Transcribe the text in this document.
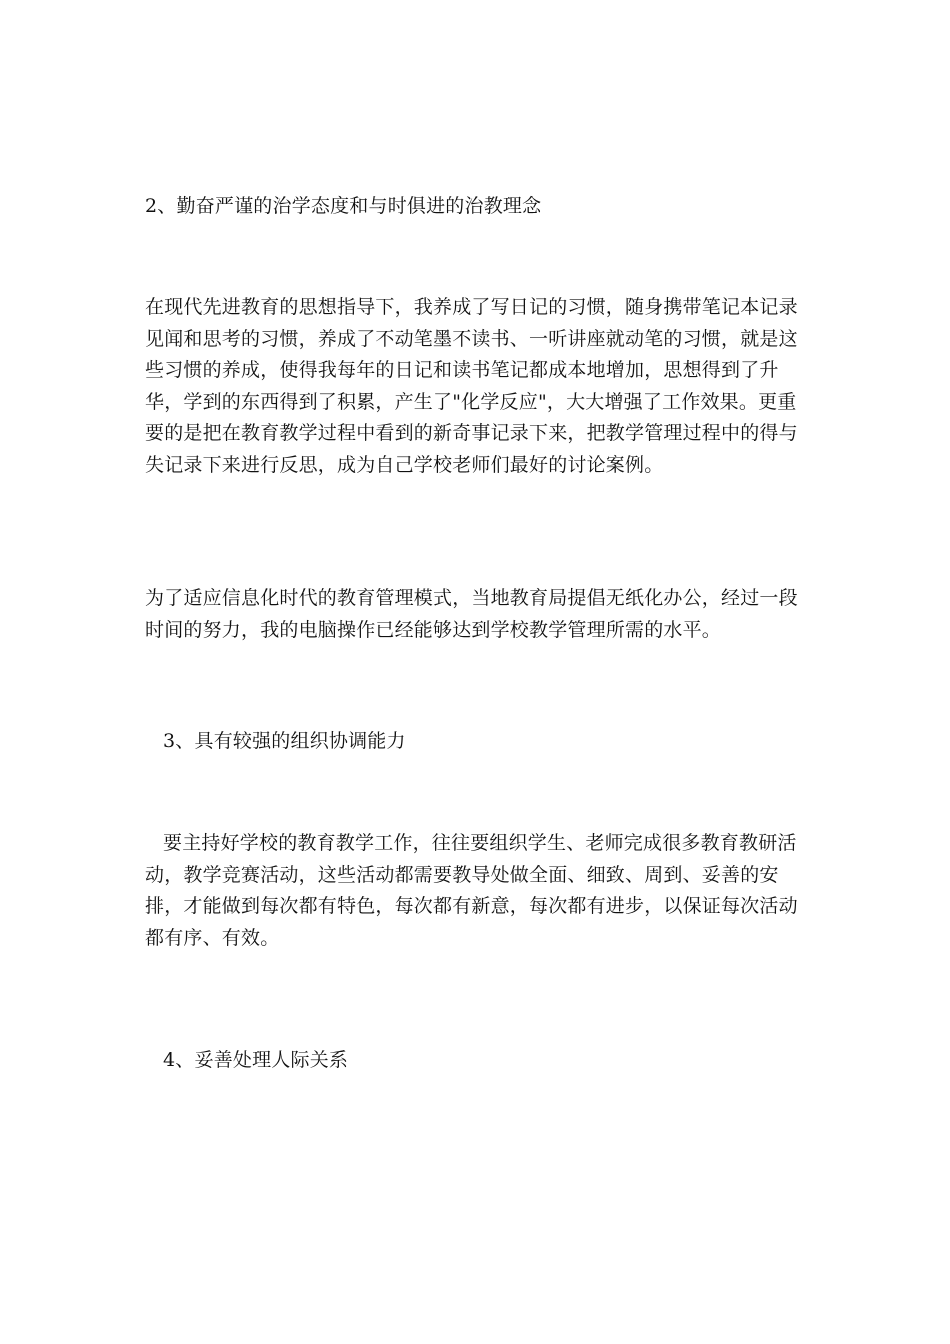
2、勤奋严谨的治学态度和与时俱进的治教理念
在现代先进教育的思想指导下，我养成了写日记的习惯，随身携带笔记本记录见闻和思考的习惯，养成了不动笔墨不读书、一听讲座就动笔的习惯，就是这些习惯的养成，使得我每年的日记和读书笔记都成本地增加，思想得到了升华，学到的东西得到了积累，产生了"化学反应"，大大增强了工作效果。更重要的是把在教育教学过程中看到的新奇事记录下来，把教学管理过程中的得与失记录下来进行反思，成为自己学校老师们最好的讨论案例。
为了适应信息化时代的教育管理模式，当地教育局提倡无纸化办公，经过一段时间的努力，我的电脑操作已经能够达到学校教学管理所需的水平。
3、具有较强的组织协调能力
要主持好学校的教育教学工作，往往要组织学生、老师完成很多教育教研活动，教学竞赛活动，这些活动都需要教导处做全面、细致、周到、妥善的安排，才能做到每次都有特色，每次都有新意，每次都有进步，以保证每次活动都有序、有效。
4、妥善处理人际关系
